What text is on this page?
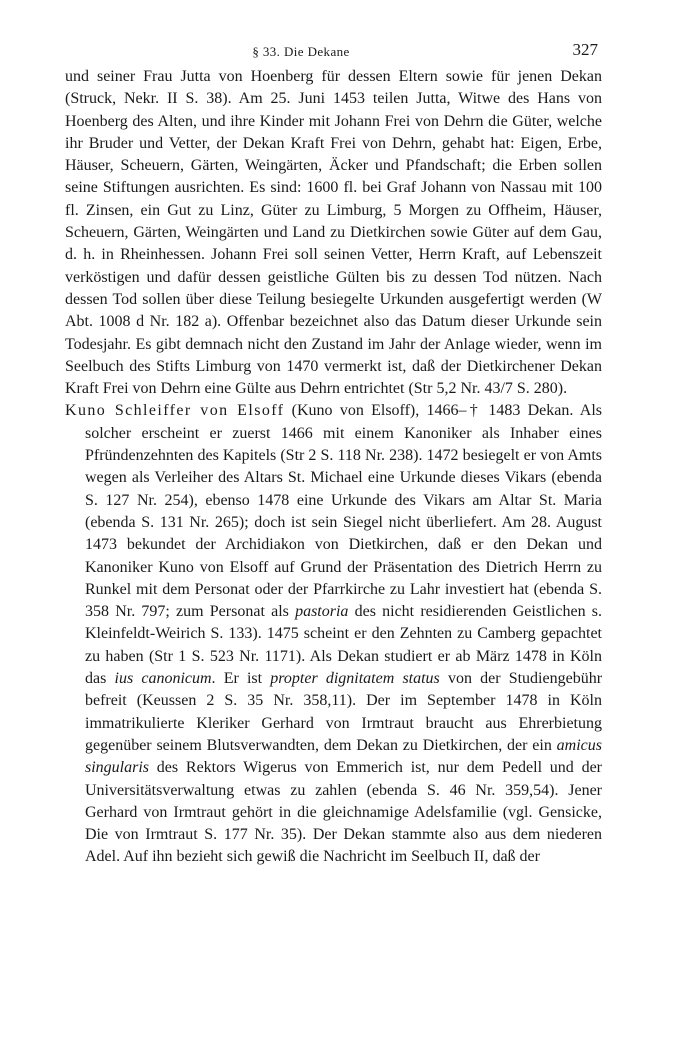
§ 33. Die Dekane	327

und seiner Frau Jutta von Hoenberg für dessen Eltern sowie für jenen Dekan (Struck, Nekr. II S. 38). Am 25. Juni 1453 teilen Jutta, Witwe des Hans von Hoenberg des Alten, und ihre Kinder mit Johann Frei von Dehrn die Güter, welche ihr Bruder und Vetter, der Dekan Kraft Frei von Dehrn, gehabt hat: Eigen, Erbe, Häuser, Scheuern, Gärten, Weingärten, Äcker und Pfandschaft; die Erben sollen seine Stiftungen ausrichten. Es sind: 1600 fl. bei Graf Johann von Nassau mit 100 fl. Zinsen, ein Gut zu Linz, Güter zu Limburg, 5 Morgen zu Offheim, Häuser, Scheuern, Gärten, Weingärten und Land zu Dietkirchen sowie Güter auf dem Gau, d. h. in Rheinhessen. Johann Frei soll seinen Vetter, Herrn Kraft, auf Lebenszeit verköstigen und dafür dessen geistliche Gülten bis zu dessen Tod nützen. Nach dessen Tod sollen über diese Teilung besiegelte Urkunden ausgefertigt werden (W Abt. 1008 d Nr. 182 a). Offenbar bezeichnet also das Datum dieser Urkunde sein Todesjahr. Es gibt demnach nicht den Zustand im Jahr der Anlage wieder, wenn im Seelbuch des Stifts Limburg von 1470 vermerkt ist, daß der Dietkirchener Dekan Kraft Frei von Dehrn eine Gülte aus Dehrn entrichtet (Str 5,2 Nr. 43/7 S. 280).

Kuno Schleiffer von Elsoff (Kuno von Elsoff), 1466–† 1483 Dekan. Als solcher erscheint er zuerst 1466 mit einem Kanoniker als Inhaber eines Pfründenzehnten des Kapitels (Str 2 S. 118 Nr. 238). 1472 besiegelt er von Amts wegen als Verleiher des Altars St. Michael eine Urkunde dieses Vikars (ebenda S. 127 Nr. 254), ebenso 1478 eine Urkunde des Vikars am Altar St. Maria (ebenda S. 131 Nr. 265); doch ist sein Siegel nicht überliefert. Am 28. August 1473 bekundet der Archidiakon von Dietkirchen, daß er den Dekan und Kanoniker Kuno von Elsoff auf Grund der Präsentation des Dietrich Herrn zu Runkel mit dem Personat oder der Pfarrkirche zu Lahr investiert hat (ebenda S. 358 Nr. 797; zum Personat als pastoria des nicht residierenden Geistlichen s. Kleinfeldt-Weirich S. 133). 1475 scheint er den Zehnten zu Camberg gepachtet zu haben (Str 1 S. 523 Nr. 1171). Als Dekan studiert er ab März 1478 in Köln das ius canonicum. Er ist propter dignitatem status von der Studiengebühr befreit (Keussen 2 S. 35 Nr. 358,11). Der im September 1478 in Köln immatrikulierte Kleriker Gerhard von Irmtraut braucht aus Ehrerbietung gegenüber seinem Blutsverwandten, dem Dekan zu Dietkirchen, der ein amicus singularis des Rektors Wigerus von Emmerich ist, nur dem Pedell und der Universitätsverwaltung etwas zu zahlen (ebenda S. 46 Nr. 359,54). Jener Gerhard von Irmtraut gehört in die gleichnamige Adelsfamilie (vgl. Gensicke, Die von Irmtraut S. 177 Nr. 35). Der Dekan stammte also aus dem niederen Adel. Auf ihn bezieht sich gewiß die Nachricht im Seelbuch II, daß der
